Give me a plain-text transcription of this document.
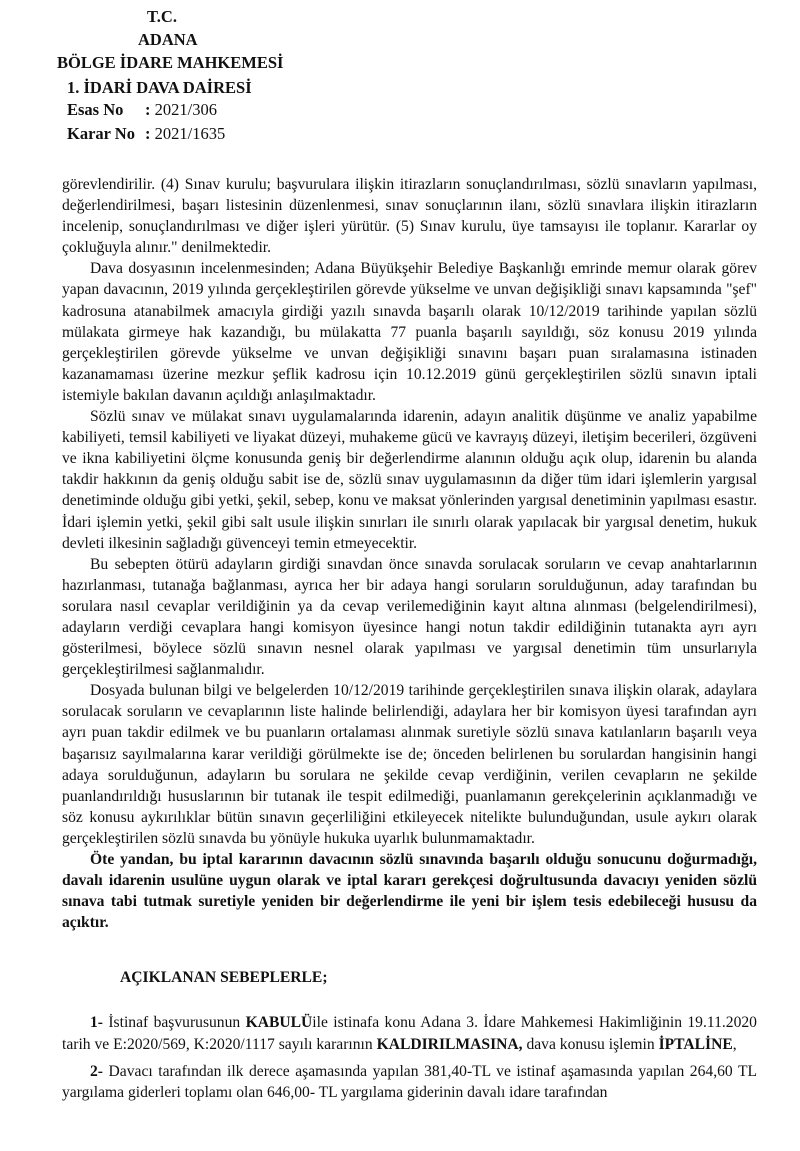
T.C.
ADANA
BÖLGE İDARE MAHKEMESİ
1. İDARİ DAVA DAİRESİ
Esas No : 2021/306
Karar No : 2021/1635

görevlendirilir. (4) Sınav kurulu; başvurulara ilişkin itirazların sonuçlandırılması, sözlü sınavların yapılması, değerlendirilmesi, başarı listesinin düzenlenmesi, sınav sonuçlarının ilanı, sözlü sınavlara ilişkin itirazların incelenip, sonuçlandırılması ve diğer işleri yürütür. (5) Sınav kurulu, üye tamsayısı ile toplanır. Kararlar oy çokluğuyla alınır." denilmektedir.

Dava dosyasının incelenmesinden; Adana Büyükşehir Belediye Başkanlığı emrinde memur olarak görev yapan davacının, 2019 yılında gerçekleştirilen görevde yükselme ve unvan değişikliği sınavı kapsamında "şef" kadrosuna atanabilmek amacıyla girdiği yazılı sınavda başarılı olarak 10/12/2019 tarihinde yapılan sözlü mülakata girmeye hak kazandığı, bu mülakatta 77 puanla başarılı sayıldığı, söz konusu 2019 yılında gerçekleştirilen görevde yükselme ve unvan değişikliği sınavını başarı puan sıralamasına istinaden kazanamaması üzerine mezkur şeflik kadrosu için 10.12.2019 günü gerçekleştirilen sözlü sınavın iptali istemiyle bakılan davanın açıldığı anlaşılmaktadır.

Sözlü sınav ve mülakat sınavı uygulamalarında idarenin, adayın analitik düşünme ve analiz yapabilme kabiliyeti, temsil kabiliyeti ve liyakat düzeyi, muhakeme gücü ve kavrayış düzeyi, iletişim becerileri, özgüveni ve ikna kabiliyetini ölçme konusunda geniş bir değerlendirme alanının olduğu açık olup, idarenin bu alanda takdir hakkının da geniş olduğu sabit ise de, sözlü sınav uygulamasının da diğer tüm idari işlemlerin yargısal denetiminde olduğu gibi yetki, şekil, sebep, konu ve maksat yönlerinden yargısal denetiminin yapılması esastır. İdari işlemin yetki, şekil gibi salt usule ilişkin sınırları ile sınırlı olarak yapılacak bir yargısal denetim, hukuk devleti ilkesinin sağladığı güvenceyi temin etmeyecektir.

Bu sebepten ötürü adayların girdiği sınavdan önce sınavda sorulacak soruların ve cevap anahtarlarının hazırlanması, tutanağa bağlanması, ayrıca her bir adaya hangi soruların sorulduğunun, aday tarafından bu sorulara nasıl cevaplar verildiğinin ya da cevap verilemediğinin kayıt altına alınması (belgelendirilmesi), adayların verdiği cevaplara hangi komisyon üyesince hangi notun takdir edildiğinin tutanakta ayrı ayrı gösterilmesi, böylece sözlü sınavın nesnel olarak yapılması ve yargısal denetimin tüm unsurlarıyla gerçekleştirilmesi sağlanmalıdır.

Dosyada bulunan bilgi ve belgelerden 10/12/2019 tarihinde gerçekleştirilen sınava ilişkin olarak, adaylara sorulacak soruların ve cevaplarının liste halinde belirlendiği, adaylara her bir komisyon üyesi tarafından ayrı ayrı puan takdir edilmek ve bu puanların ortalaması alınmak suretiyle sözlü sınava katılanların başarılı veya başarısız sayılmalarına karar verildiği görülmekte ise de; önceden belirlenen bu sorulardan hangisinin hangi adaya sorulduğunun, adayların bu sorulara ne şekilde cevap verdiğinin, verilen cevapların ne şekilde puanlandırıldığı hususlarının bir tutanak ile tespit edilmediği, puanlamanın gerekçelerinin açıklanmadığı ve söz konusu aykırılıklar bütün sınavın geçerliliğini etkileyecek nitelikte bulunduğundan, usule aykırı olarak gerçekleştirilen sözlü sınavda bu yönüyle hukuka uyarlık bulunmamaktadır.

Öte yandan, bu iptal kararının davacının sözlü sınavında başarılı olduğu sonucunu doğurmadığı, davalı idarenin usulüne uygun olarak ve iptal kararı gerekçesi doğrultusunda davacıyı yeniden sözlü sınava tabi tutmak suretiyle yeniden bir değerlendirme ile yeni bir işlem tesis edebileceği hususu da açıktır.

AÇIKLANAN SEBEPLERLE;

1- İstinaf başvurusunun KABULÜile istinafa konu Adana 3. İdare Mahkemesi Hakimliğinin 19.11.2020 tarih ve E:2020/569, K:2020/1117 sayılı kararının KALDIRILMASINA, dava konusu işlemin İPTALİNE,

2- Davacı tarafından ilk derece aşamasında yapılan 381,40-TL ve istinaf aşamasında yapılan 264,60 TL yargılama giderleri toplamı olan 646,00- TL yargılama giderinin davalı idare tarafından
